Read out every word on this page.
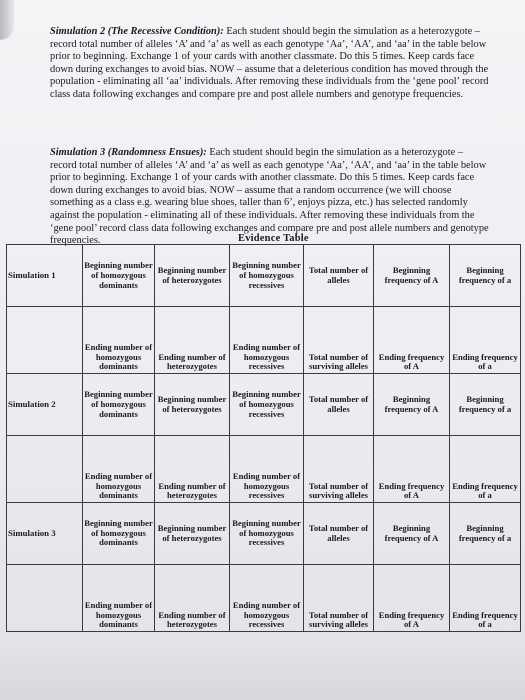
Simulation 2 (The Recessive Condition): Each student should begin the simulation as a heterozygote – record total number of alleles ‘A’ and ‘a’ as well as each genotype ‘Aa’, ‘AA’, and ‘aa’ in the table below prior to beginning. Exchange 1 of your cards with another classmate. Do this 5 times. Keep cards face down during exchanges to avoid bias. NOW – assume that a deleterious condition has moved through the population - eliminating all ‘aa’ individuals. After removing these individuals from the ‘gene pool’ record class data following exchanges and compare pre and post allele numbers and genotype frequencies.

Simulation 3 (Randomness Ensues): Each student should begin the simulation as a heterozygote – record total number of alleles ‘A’ and ‘a’ as well as each genotype ‘Aa’, ‘AA’, and ‘aa’ in the table below prior to beginning. Exchange 1 of your cards with another classmate. Do this 5 times. Keep cards face down during exchanges to avoid bias. NOW – assume that a random occurrence (we will choose something as a class e.g. wearing blue shoes, taller than 6’, enjoys pizza, etc.) has selected randomly against the population - eliminating all of these individuals. After removing these individuals from the ‘gene pool’ record class data following exchanges and compare pre and post allele numbers and genotype frequencies.	Evidence Table
Simulation 1	Beginning number of homozygous dominants	Beginning number of heterozygotes	Beginning number of homozygous recessives	Total number of alleles	Beginning frequency of A	Beginning frequency of a
	Ending number of homozygous dominants	Ending number of heterozygotes	Ending number of homozygous recessives	Total number of surviving alleles	Ending frequency of A	Ending frequency of a
Simulation 2	Beginning number of homozygous dominants	Beginning number of heterozygotes	Beginning number of homozygous recessives	Total number of alleles	Beginning frequency of A	Beginning frequency of a
	Ending number of homozygous dominants	Ending number of heterozygotes	Ending number of homozygous recessives	Total number of surviving alleles	Ending frequency of A	Ending frequency of a
Simulation 3	Beginning number of homozygous dominants	Beginning number of heterozygotes	Beginning number of homozygous recessives	Total number of alleles	Beginning frequency of A	Beginning frequency of a
	Ending number of homozygous dominants	Ending number of heterozygotes	Ending number of homozygous recessives	Total number of surviving alleles	Ending frequency of A	Ending frequency of a
